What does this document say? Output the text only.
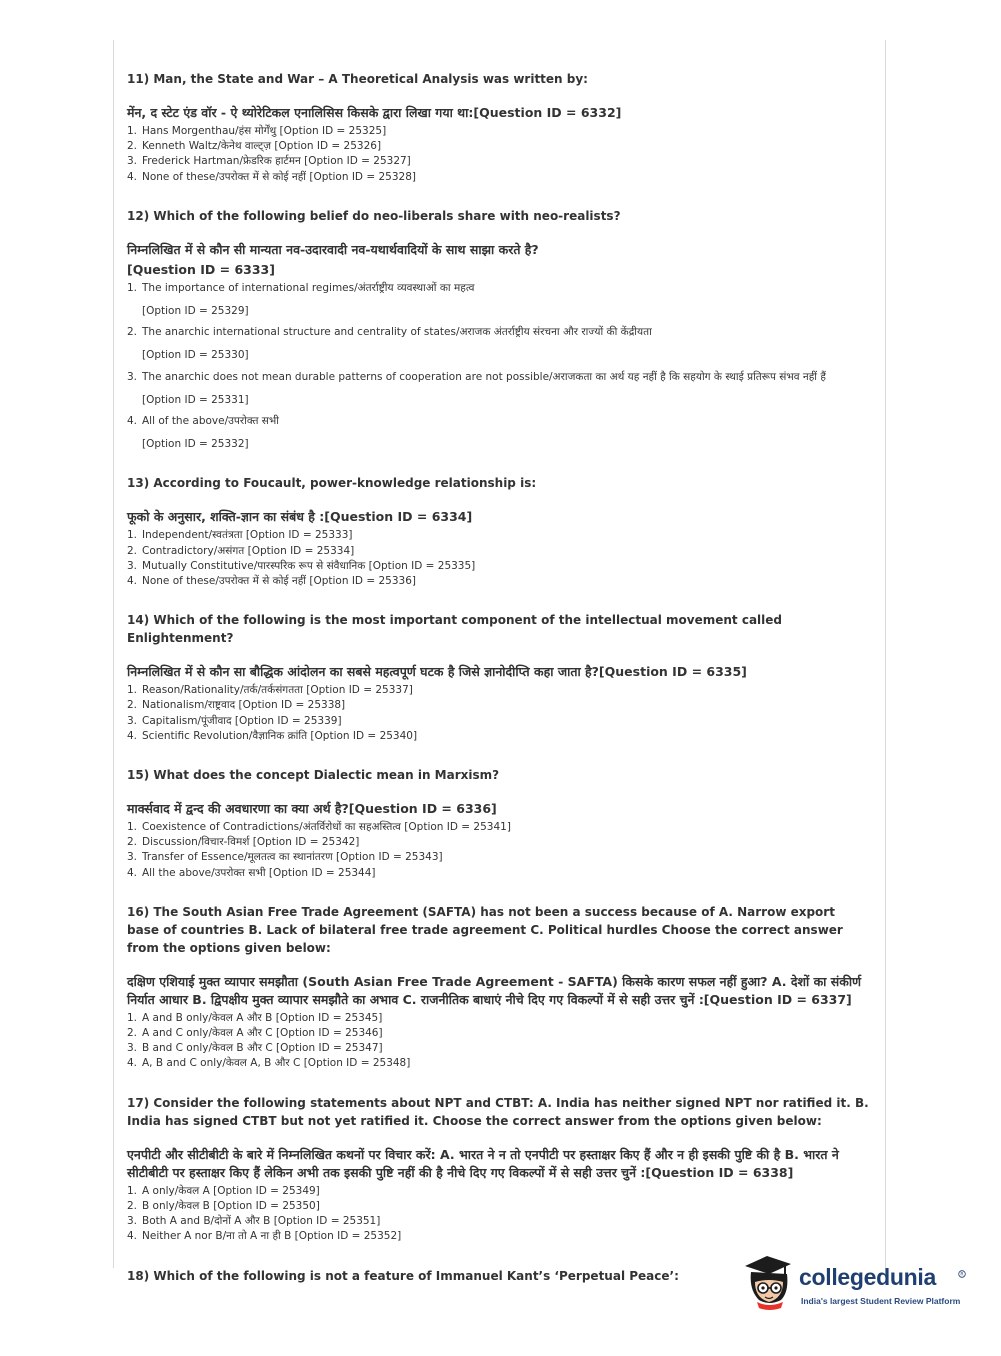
11) Man, the State and War – A Theoretical Analysis was written by:

मेंन, द स्टेट एंड वॉर - ऐ थ्योरेटिकल एनालिसिस किसके द्वारा लिखा गया था:[Question ID = 6332]

1. Hans Morgenthau/हंस मोर्गेंथु [Option ID = 25325]
2. Kenneth Waltz/केनेथ वाल्ट्ज़ [Option ID = 25326]
3. Frederick Hartman/फ्रेडरिक हार्टमन [Option ID = 25327]
4. None of these/उपरोक्त में से कोई नहीं [Option ID = 25328]

12) Which of the following belief do neo-liberals share with neo-realists?

निम्नलिखित में से कौन सी मान्यता नव-उदारवादी नव-यथार्थवादियों के साथ साझा करते है?

[Question ID = 6333]

1. The importance of international regimes/अंतर्राष्ट्रीय व्यवस्थाओं का महत्व
[Option ID = 25329]
2. The anarchic international structure and centrality of states/अराजक अंतर्राष्ट्रीय संरचना और राज्यों की केंद्रीयता
[Option ID = 25330]
3. The anarchic does not mean durable patterns of cooperation are not possible/अराजकता का अर्थ यह नहीं है कि सहयोग के स्थाई प्रतिरूप संभव नहीं हैं
[Option ID = 25331]
4. All of the above/उपरोक्त सभी
[Option ID = 25332]

13) According to Foucault, power-knowledge relationship is:

फूको के अनुसार, शक्ति-ज्ञान का संबंध है :[Question ID = 6334]

1. Independent/स्वतंत्रता [Option ID = 25333]
2. Contradictory/असंगत [Option ID = 25334]
3. Mutually Constitutive/पारस्परिक रूप से संवैधानिक [Option ID = 25335]
4. None of these/उपरोक्त में से कोई नहीं [Option ID = 25336]

14) Which of the following is the most important component of the intellectual movement called Enlightenment?

निम्नलिखित में से कौन सा बौद्धिक आंदोलन का सबसे महत्वपूर्ण घटक है जिसे ज्ञानोदीप्ति कहा जाता है?[Question ID = 6335]

1. Reason/Rationality/तर्क/तर्कसंगतता [Option ID = 25337]
2. Nationalism/राष्ट्रवाद [Option ID = 25338]
3. Capitalism/पूंजीवाद [Option ID = 25339]
4. Scientific Revolution/वैज्ञानिक क्रांति [Option ID = 25340]

15) What does the concept Dialectic mean in Marxism?

मार्क्सवाद में द्वन्द की अवधारणा का क्या अर्थ है?[Question ID = 6336]

1. Coexistence of Contradictions/अंतर्विरोधों का सहअस्तित्व [Option ID = 25341]
2. Discussion/विचार-विमर्श [Option ID = 25342]
3. Transfer of Essence/मूलतत्व का स्थानांतरण [Option ID = 25343]
4. All the above/उपरोक्त सभी [Option ID = 25344]

16) The South Asian Free Trade Agreement (SAFTA) has not been a success because of A. Narrow export base of countries B. Lack of bilateral free trade agreement C. Political hurdles Choose the correct answer from the options given below:

दक्षिण एशियाई मुक्त व्यापार समझौता (South Asian Free Trade Agreement - SAFTA) किसके कारण सफल नहीं हुआ? A. देशों का संकीर्ण निर्यात आधार B. द्विपक्षीय मुक्त व्यापार समझौते का अभाव C. राजनीतिक बाधाएं नीचे दिए गए विकल्पों में से सही उत्तर चुनें :[Question ID = 6337]

1. A and B only/केवल A और B [Option ID = 25345]
2. A and C only/केवल A और C [Option ID = 25346]
3. B and C only/केवल B और C [Option ID = 25347]
4. A, B and C only/केवल A, B और C [Option ID = 25348]

17) Consider the following statements about NPT and CTBT: A. India has neither signed NPT nor ratified it. B. India has signed CTBT but not yet ratified it. Choose the correct answer from the options given below:

एनपीटी और सीटीबीटी के बारे में निम्नलिखित कथनों पर विचार करें: A. भारत ने न तो एनपीटी पर हस्ताक्षर किए हैं और न ही इसकी पुष्टि की है B. भारत ने सीटीबीटी पर हस्ताक्षर किए हैं लेकिन अभी तक इसकी पुष्टि नहीं की है नीचे दिए गए विकल्पों में से सही उत्तर चुनें :[Question ID = 6338]

1. A only/केवल A [Option ID = 25349]
2. B only/केवल B [Option ID = 25350]
3. Both A and B/दोनों A और B [Option ID = 25351]
4. Neither A nor B/ना तो A ना ही B [Option ID = 25352]

18) Which of the following is not a feature of Immanuel Kant’s ‘Perpetual Peace’:	collegedunia	R
India's largest Student Review Platform
